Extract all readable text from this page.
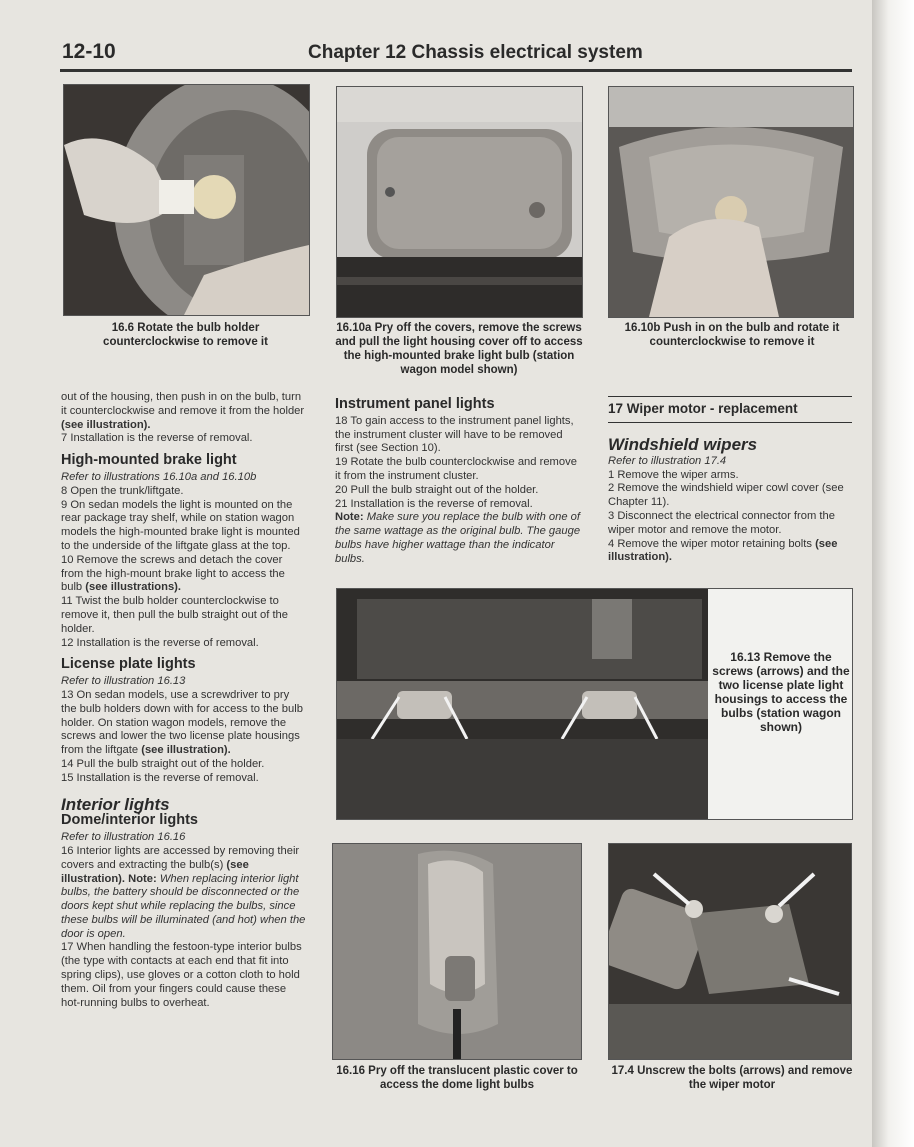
12-10	Chapter 12 Chassis electrical system
16.6 Rotate the bulb holder counterclockwise to remove it
16.10a Pry off the covers, remove the screws and pull the light housing cover off to access the high-mounted brake light bulb (station wagon model shown)
16.10b Push in on the bulb and rotate it counterclockwise to remove it

out of the housing, then push in on the bulb, turn it counterclockwise and remove it from the holder (see illustration).

7 Installation is the reverse of removal.

High-mounted brake light

Refer to illustrations 16.10a and 16.10b

8 Open the trunk/liftgate.

9 On sedan models the light is mounted on the rear package tray shelf, while on station wagon models the high-mounted brake light is mounted to the underside of the liftgate glass at the top.

10 Remove the screws and detach the cover from the high-mount brake light to access the bulb (see illustrations).

11 Twist the bulb holder counterclockwise to remove it, then pull the bulb straight out of the holder.

12 Installation is the reverse of removal.

License plate lights

Refer to illustration 16.13

13 On sedan models, use a screwdriver to pry the bulb holders down with for access to the bulb holder. On station wagon models, remove the screws and lower the two license plate housings from the liftgate (see illustration).

14 Pull the bulb straight out of the holder.

15 Installation is the reverse of removal.

Interior lights
Dome/interior lights

Refer to illustration 16.16

16 Interior lights are accessed by removing their covers and extracting the bulb(s) (see illustration). Note: When replacing interior light bulbs, the battery should be disconnected or the doors kept shut while replacing the bulbs, since these bulbs will be illuminated (and hot) when the door is open.

17 When handling the festoon-type interior bulbs (the type with contacts at each end that fit into spring clips), use gloves or a cotton cloth to hold them. Oil from your fingers could cause these hot-running bulbs to overheat.

Instrument panel lights

18 To gain access to the instrument panel lights, the instrument cluster will have to be removed first (see Section 10).

19 Rotate the bulb counterclockwise and remove it from the instrument cluster.

20 Pull the bulb straight out of the holder.

21 Installation is the reverse of removal.

Note: Make sure you replace the bulb with one of the same wattage as the original bulb. The gauge bulbs have higher wattage than the indicator bulbs.

17 Wiper motor - replacement
Windshield wipers

Refer to illustration 17.4

1 Remove the wiper arms.

2 Remove the windshield wiper cowl cover (see Chapter 11).

3 Disconnect the electrical connector from the wiper motor and remove the motor.

4 Remove the wiper motor retaining bolts (see illustration).

16.13 Remove the screws (arrows) and the two license plate light housings to access the bulbs (station wagon shown)
16.16 Pry off the translucent plastic cover to access the dome light bulbs
17.4 Unscrew the bolts (arrows) and remove the wiper motor
